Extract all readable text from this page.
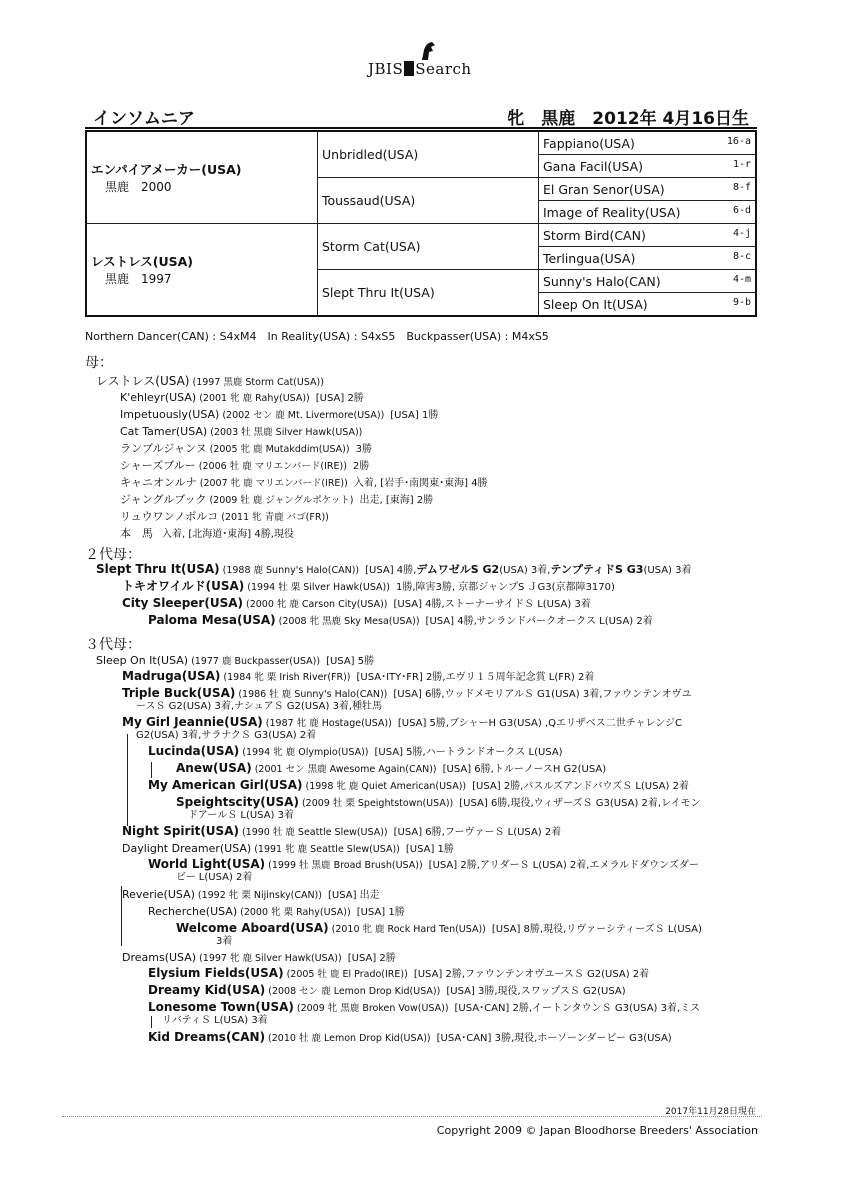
JBIS Search
インソムニア	牝　黒鹿　2012年 4月16日生
エンパイアメーカー(USA)
黒鹿　2000	Unbridled(USA)	Fappiano(USA) 16-a

		Gana Facil(USA) 1-r

	Toussaud(USA)	El Gran Senor(USA) 8-f

		Image of Reality(USA) 6-d

レストレス(USA)
黒鹿　1997	Storm Cat(USA)	Storm Bird(CAN) 4-j

		Terlingua(USA) 8-c

	Slept Thru It(USA)	Sunny's Halo(CAN) 4-m

		Sleep On It(USA) 9-b
Northern Dancer(CAN) : S4xM4　In Reality(USA) : S4xS5　Buckpasser(USA) : M4xS5
母：
２代母：
３代母：
レストレス(USA) (1997 黒鹿 Storm Cat(USA))
K'ehleyr(USA) (2001 牝 鹿 Rahy(USA)) [USA] 2勝
Impetuously(USA) (2002 セン 鹿 Mt. Livermore(USA)) [USA] 1勝
Cat Tamer(USA) (2003 牡 黒鹿 Silver Hawk(USA))
ランブルジャンヌ (2005 牝 鹿 Mutakddim(USA)) 3勝
シャーズブルー (2006 牡 鹿 マリエンバード(IRE)) 2勝
キャニオンルナ (2007 牝 鹿 マリエンバード(IRE)) 入着, [岩手･南関東･東海] 4勝
ジャングルブック (2009 牡 鹿 ジャングルポケット) 出走, [東海] 2勝
リュウワンノボルコ (2011 牝 青鹿 バゴ(FR))
本　馬 入着, [北海道･東海] 4勝,現役
Slept Thru It(USA) (1988 鹿 Sunny's Halo(CAN)) [USA] 4勝,デムワゼルS G2(USA) 3着,テンプティドS G3(USA) 3着
トキオワイルド(USA) (1994 牡 栗 Silver Hawk(USA)) 1勝,障害3勝, 京都ジャンプS ＪG3(京都障3170)
City Sleeper(USA) (2000 牝 鹿 Carson City(USA)) [USA] 4勝,ストーナーサイドＳ L(USA) 3着
Paloma Mesa(USA) (2008 牝 黒鹿 Sky Mesa(USA)) [USA] 4勝,サンランドパークオークス L(USA) 2着
Sleep On It(USA) (1977 鹿 Buckpasser(USA)) [USA] 5勝
Madruga(USA) (1984 牝 栗 Irish River(FR)) [USA･ITY･FR] 2勝,エヴリ１５周年記念賞 L(FR) 2着
Triple Buck(USA) (1986 牡 鹿 Sunny's Halo(CAN)) [USA] 6勝,ウッドメモリアルＳ G1(USA) 3着,ファウンテンオヴユ
ースＳ G2(USA) 3着,ナシュアＳ G2(USA) 3着,種牡馬
My Girl Jeannie(USA) (1987 牝 鹿 Hostage(USA)) [USA] 5勝,ブシャーH G3(USA) ,Qエリザベス二世チャレンジC
G2(USA) 3着,サラナクＳ G3(USA) 2着
Lucinda(USA) (1994 牝 鹿 Olympio(USA)) [USA] 5勝,ハートランドオークス L(USA)
Anew(USA) (2001 セン 黒鹿 Awesome Again(CAN)) [USA] 6勝,トルーノースH G2(USA)
My American Girl(USA) (1998 牝 鹿 Quiet American(USA)) [USA] 2勝,パスルズアンドバウズＳ L(USA) 2着
Speightscity(USA) (2009 牡 栗 Speightstown(USA)) [USA] 6勝,現役,ウィザーズＳ G3(USA) 2着,レイモン
ドアールＳ L(USA) 3着
Night Spirit(USA) (1990 牡 鹿 Seattle Slew(USA)) [USA] 6勝,フーヴァーＳ L(USA) 2着
Daylight Dreamer(USA) (1991 牝 鹿 Seattle Slew(USA)) [USA] 1勝
World Light(USA) (1999 牡 黒鹿 Broad Brush(USA)) [USA] 2勝,アリダーＳ L(USA) 2着,エメラルドダウンズダー
ビー L(USA) 2着
Reverie(USA) (1992 牝 栗 Nijinsky(CAN)) [USA] 出走
Recherche(USA) (2000 牝 栗 Rahy(USA)) [USA] 1勝
Welcome Aboard(USA) (2010 牝 鹿 Rock Hard Ten(USA)) [USA] 8勝,現役,リヴァーシティーズＳ L(USA)
3着
Dreams(USA) (1997 牝 鹿 Silver Hawk(USA)) [USA] 2勝
Elysium Fields(USA) (2005 牡 鹿 El Prado(IRE)) [USA] 2勝,ファウンテンオヴユースＳ G2(USA) 2着
Dreamy Kid(USA) (2008 セン 鹿 Lemon Drop Kid(USA)) [USA] 3勝,現役,スワップスＳ G2(USA)
Lonesome Town(USA) (2009 牝 黒鹿 Broken Vow(USA)) [USA･CAN] 2勝,イートンタウンＳ G3(USA) 3着,ミス
リバティＳ L(USA) 3着
Kid Dreams(CAN) (2010 牡 鹿 Lemon Drop Kid(USA)) [USA･CAN] 3勝,現役,ホーソーンダービー G3(USA)
2017年11月28日現在
Copyright 2009 © Japan Bloodhorse Breeders' Association
